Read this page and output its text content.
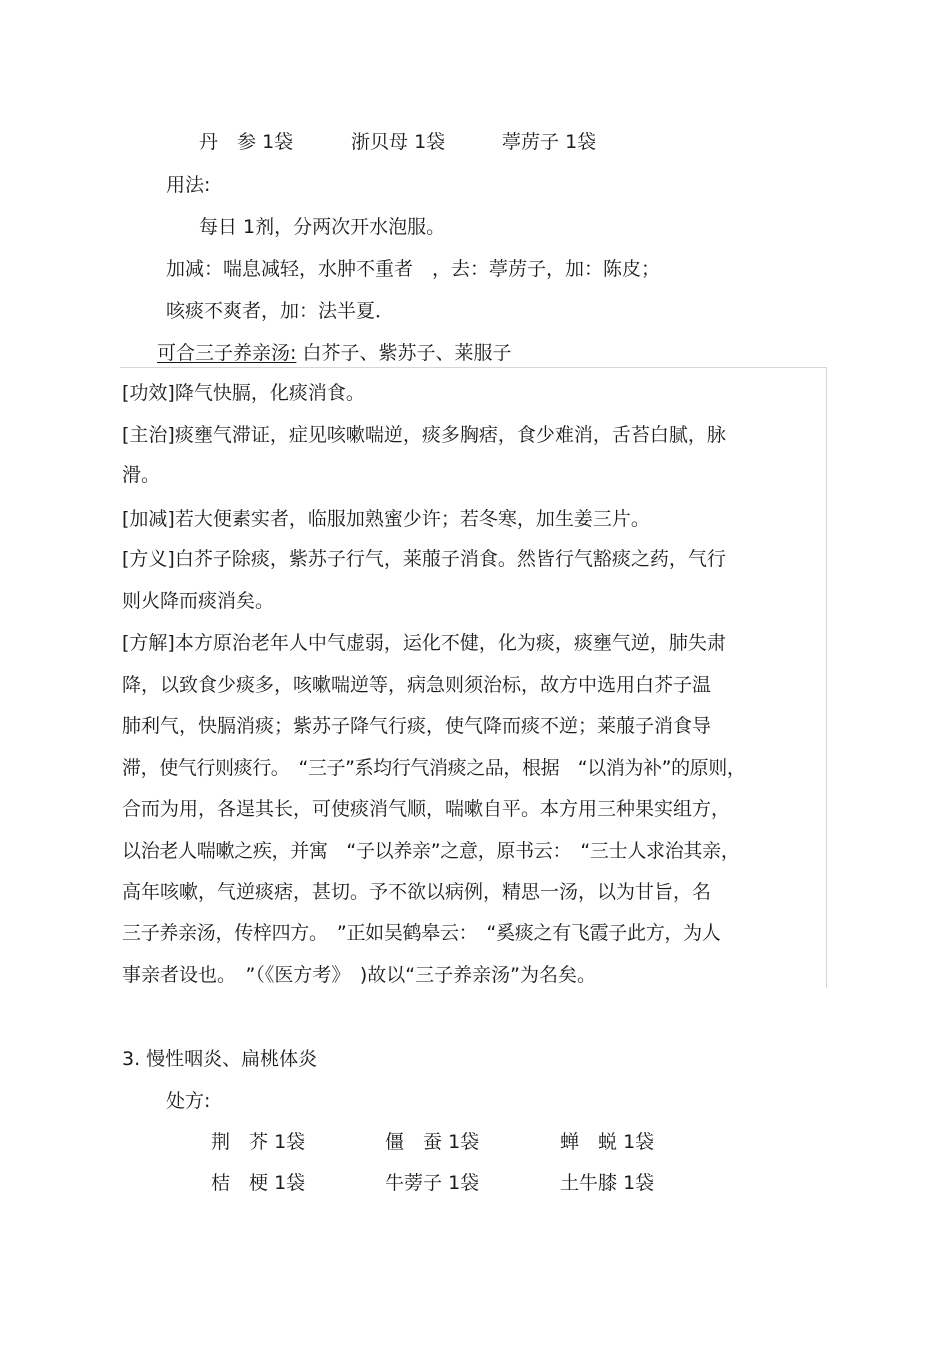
丹　参 1袋	浙贝母 1袋	葶苈子 1袋
用法:
每日 1剂，分两次开水泡服。
加减：喘息减轻，水肿不重者　，去：葶苈子，加：陈皮；
咳痰不爽者，加：法半夏．
可合三子养亲汤: 白芥子、紫苏子、莱服子
[功效]降气快膈，化痰消食。
[主治]痰壅气滞证，症见咳嗽喘逆，痰多胸痞，食少难消，舌苔白腻，脉
滑。
[加减]若大便素实者，临服加熟蜜少许；若冬寒，加生姜三片。
[方义]白芥子除痰，紫苏子行气，莱菔子消食。然皆行气豁痰之药，气行
则火降而痰消矣。
[方解]本方原治老年人中气虚弱，运化不健，化为痰，痰壅气逆，肺失肃
降，以致食少痰多，咳嗽喘逆等，病急则须治标，故方中选用白芥子温
肺利气，快膈消痰；紫苏子降气行痰，使气降而痰不逆；莱菔子消食导
滞，使气行则痰行。　“三子”系均行气消痰之品，根据　“以消为补”的原则，
合而为用，各逞其长，可使痰消气顺，喘嗽自平。本方用三种果实组方，
以治老人喘嗽之疾，并寓　“子以养亲”之意，原书云：　“三士人求治其亲，
高年咳嗽，气逆痰痞，甚切。予不欲以病例，精思一汤，以为甘旨，名
三子养亲汤，传梓四方。　”正如吴鹤皋云：　“奚痰之有飞霞子此方，为人
事亲者设也。　”（《医方考》　)故以“三子养亲汤”为名矣。
3. 慢性咽炎、扁桃体炎
处方:
荆　芥 1袋	僵　蚕 1袋	蝉　蜕 1袋
桔　梗 1袋	牛蒡子 1袋	土牛膝 1袋
